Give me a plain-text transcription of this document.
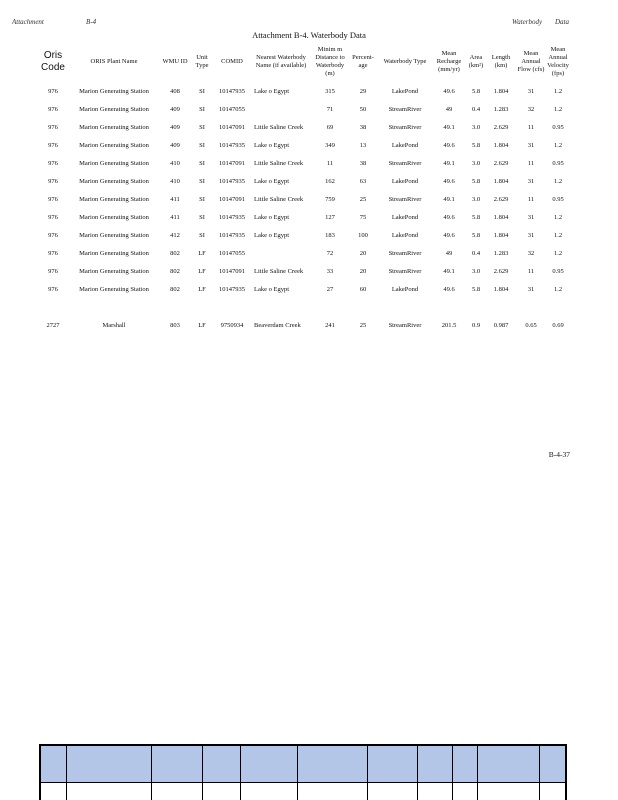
Attachment	B-4	Waterbody Data
Attachment B-4. Waterbody Data
Oris Code	ORIS Plant Name	WMU ID	Unit Type	COMID	Nearest Waterbody Name (if available)	Minim m Distance to Waterbody (m)	Percent-age	Waterbody Type	Mean Recharge (mm/yr)	Area (km²)	Length (km)	Mean Annual Flow (cfs)	Mean Annual Velocity (fps)
976	Marion Generating Station	408	SI	10147935	Lake o Egypt	315	29	LakePond	49.6	5.8	1.804	31	1.2
976	Marion Generating Station	409	SI	10147055		71	50	StreamRiver	49	0.4	1.283	32	1.2
976	Marion Generating Station	409	SI	10147091	Little Saline Creek	69	38	StreamRiver	49.1	3.0	2.629	11	0.95
976	Marion Generating Station	409	SI	10147935	Lake o Egypt	349	13	LakePond	49.6	5.8	1.804	31	1.2
976	Marion Generating Station	410	SI	10147091	Little Saline Creek	11	38	StreamRiver	49.1	3.0	2.629	11	0.95
976	Marion Generating Station	410	SI	10147935	Lake o Egypt	162	63	LakePond	49.6	5.8	1.804	31	1.2
976	Marion Generating Station	411	SI	10147091	Little Saline Creek	759	25	StreamRiver	49.1	3.0	2.629	11	0.95
976	Marion Generating Station	411	SI	10147935	Lake o Egypt	127	75	LakePond	49.6	5.8	1.804	31	1.2
976	Marion Generating Station	412	SI	10147935	Lake o Egypt	183	100	LakePond	49.6	5.8	1.804	31	1.2
976	Marion Generating Station	802	LF	10147055		72	20	StreamRiver	49	0.4	1.283	32	1.2
976	Marion Generating Station	802	LF	10147091	Little Saline Creek	33	20	StreamRiver	49.1	3.0	2.629	11	0.95
976	Marion Generating Station	802	LF	10147935	Lake o Egypt	27	60	LakePond	49.6	5.8	1.804	31	1.2

2727	Marshall	803	LF	9750934	Beaverdam Creek	241	25	StreamRiver	201.5	0.9	0.987	0.65	0.69
B-4-37
